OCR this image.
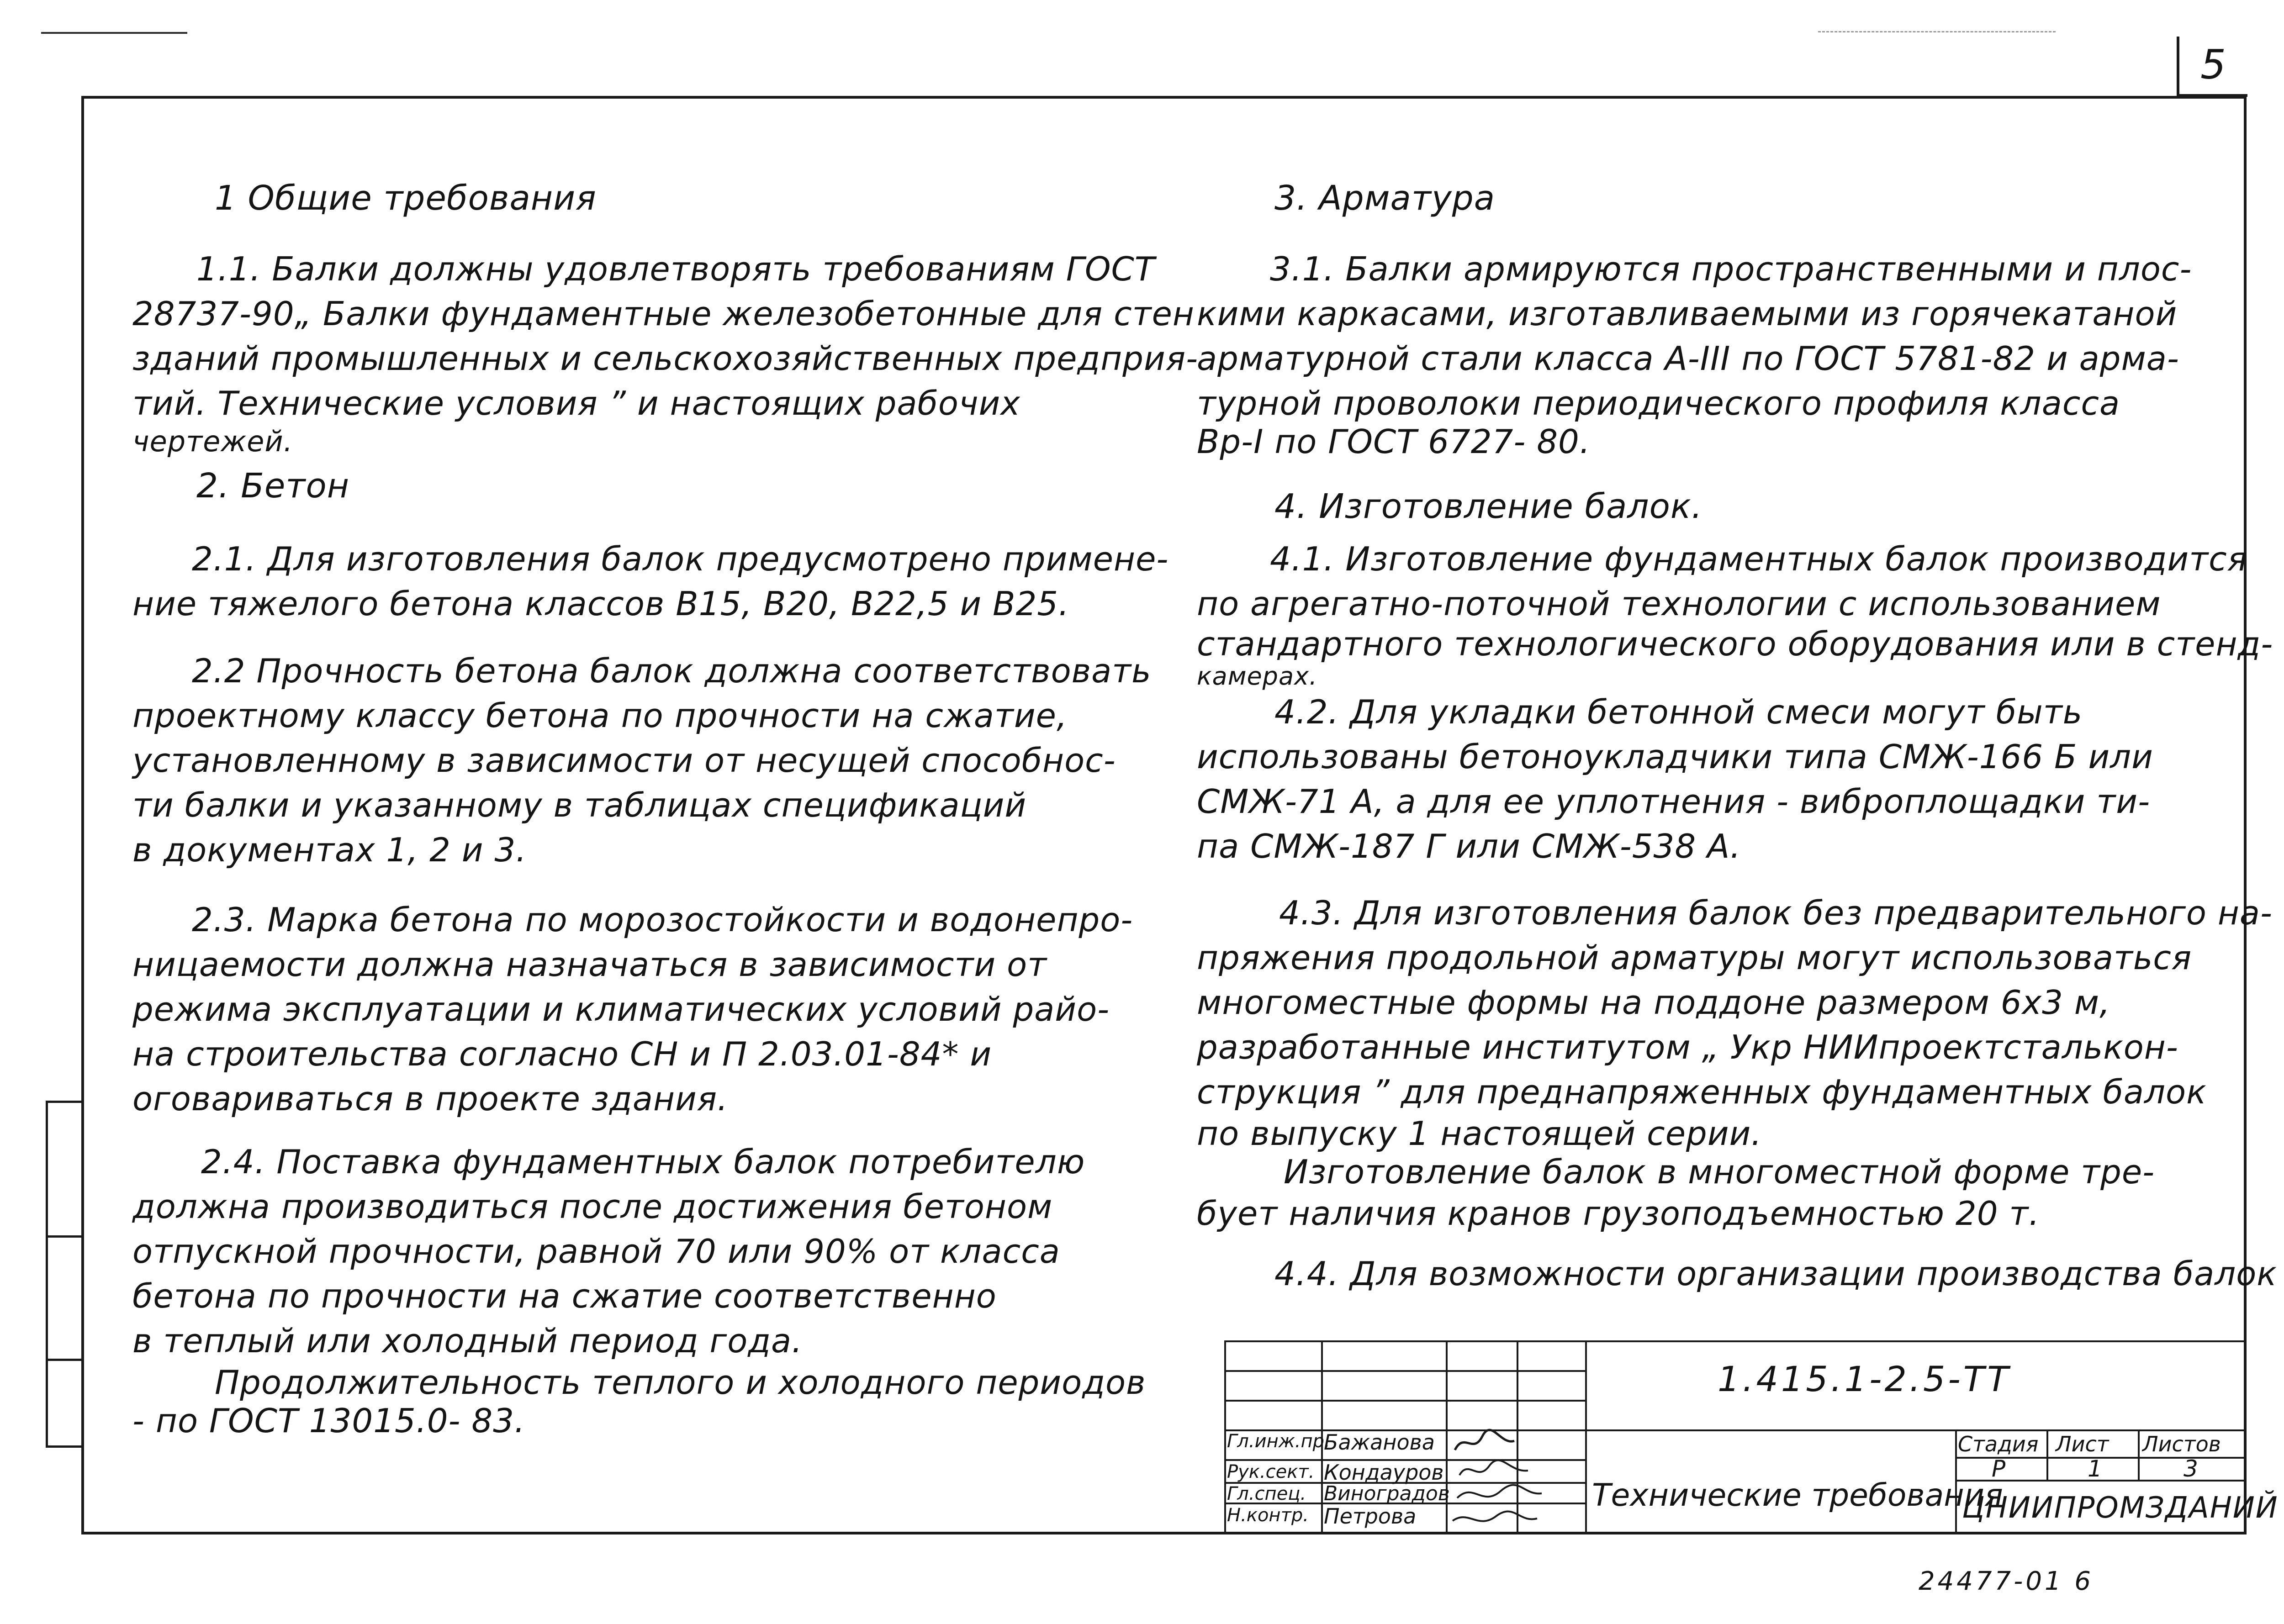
5
1 Общие требования
1.1. Балки должны удовлетворять требованиям ГОСТ
28737-90„ Балки фундаментные железобетонные для стен
зданий промышленных и сельскохозяйственных предприя-
тий. Технические условия ” и настоящих рабочих
чертежей.
2. Бетон
2.1. Для изготовления балок предусмотрено примене-
ние тяжелого бетона классов В15, В20, В22,5 и В25.
2.2 Прочность бетона балок должна соответствовать
проектному классу бетона по прочности на сжатие,
установленному в зависимости от несущей способнос-
ти балки и указанному в таблицах спецификаций
в документах 1, 2 и 3.
2.3. Марка бетона по морозостойкости и водонепро-
ницаемости должна назначаться в зависимости от
режима эксплуатации и климатических условий райо-
на строительства согласно СН и П 2.03.01-84* и
оговариваться в проекте здания.
2.4. Поставка фундаментных балок потребителю
должна производиться после достижения бетоном
отпускной прочности, равной 70 или 90% от класса
бетона по прочности на сжатие соответственно
в теплый или холодный период года.
Продолжительность теплого и холодного периодов
- по ГОСТ 13015.0- 83.
3. Арматура
3.1. Балки армируются пространственными и плос-
кими каркасами, изготавливаемыми из горячекатаной
арматурной стали класса А-III по ГОСТ 5781-82 и арма-
турной проволоки периодического профиля класса
Вр-I по ГОСТ 6727- 80.
4. Изготовление балок.
4.1. Изготовление фундаментных балок производится
по агрегатно-поточной технологии с использованием
стандартного технологического оборудования или в стенд-
камерах.
4.2. Для укладки бетонной смеси могут быть
использованы бетоноукладчики типа СМЖ-166 Б или
СМЖ-71 А, а для ее уплотнения - виброплощадки ти-
па СМЖ-187 Г или СМЖ-538 А.
4.3. Для изготовления балок без предварительного на-
пряжения продольной арматуры могут использоваться
многоместные формы на поддоне размером 6х3 м,
разработанные институтом „ Укр НИИпроектсталькон-
струкция ” для преднапряженных фундаментных балок
по выпуску 1 настоящей серии.
Изготовление балок в многоместной форме тре-
бует наличия кранов грузоподъемностью 20 т.
4.4. Для возможности организации производства балок
1.415.1-2.5-ТТ
Технические требования
Стадия Лист Листов
Р	1	3
ЦНИИПРОМЗДАНИЙ
Гл.инж.пр.
Бажанова
Рук.сект. Кондауров
Гл.спец. Виноградов
Н.контр. Петрова
24477-01 6
